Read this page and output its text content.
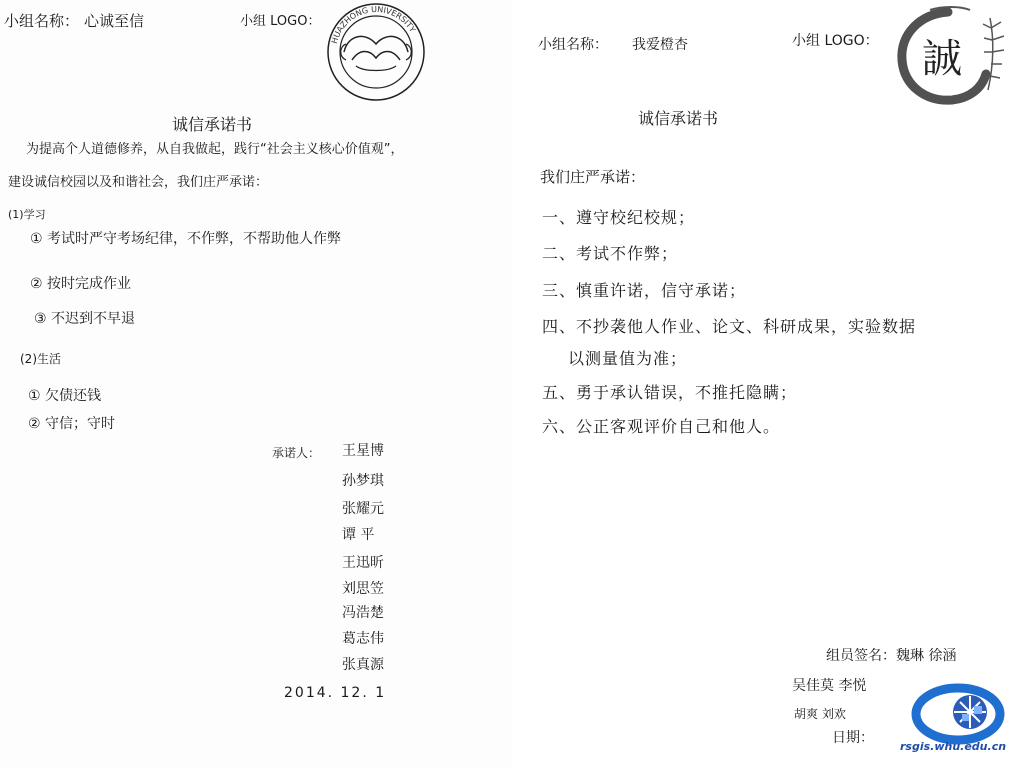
小组名称： 心诚至信	小组 LOGO：
HUAZHONG UNIVERSITY
诚信承诺书
为提高个人道德修养，从自我做起，践行“社会主义核心价值观”，
建设诚信校园以及和谐社会，我们庄严承诺：
(1)学习
① 考试时严守考场纪律，不作弊，不帮助他人作弊
② 按时完成作业
③ 不迟到不早退
(2)生活
① 欠债还钱
② 守信；守时
承诺人： 王星博
孙梦琪
张耀元
谭 平
王迅昕
刘思笠
冯浩楚
葛志伟
张真源
2014. 12. 1
小组名称： 我爱橙杏	小组 LOGO： 誠
诚信承诺书
我们庄严承诺：
一、遵守校纪校规；
二、考试不作弊；
三、慎重许诺，信守承诺；
四、不抄袭他人作业、论文、科研成果，实验数据
以测量值为准；
五、勇于承认错误，不推托隐瞒；
六、公正客观评价自己和他人。
组员签名：魏琳 徐涵
吴佳莫 李悦
胡爽 刘欢
日期：
rsgis.whu.edu.cn
